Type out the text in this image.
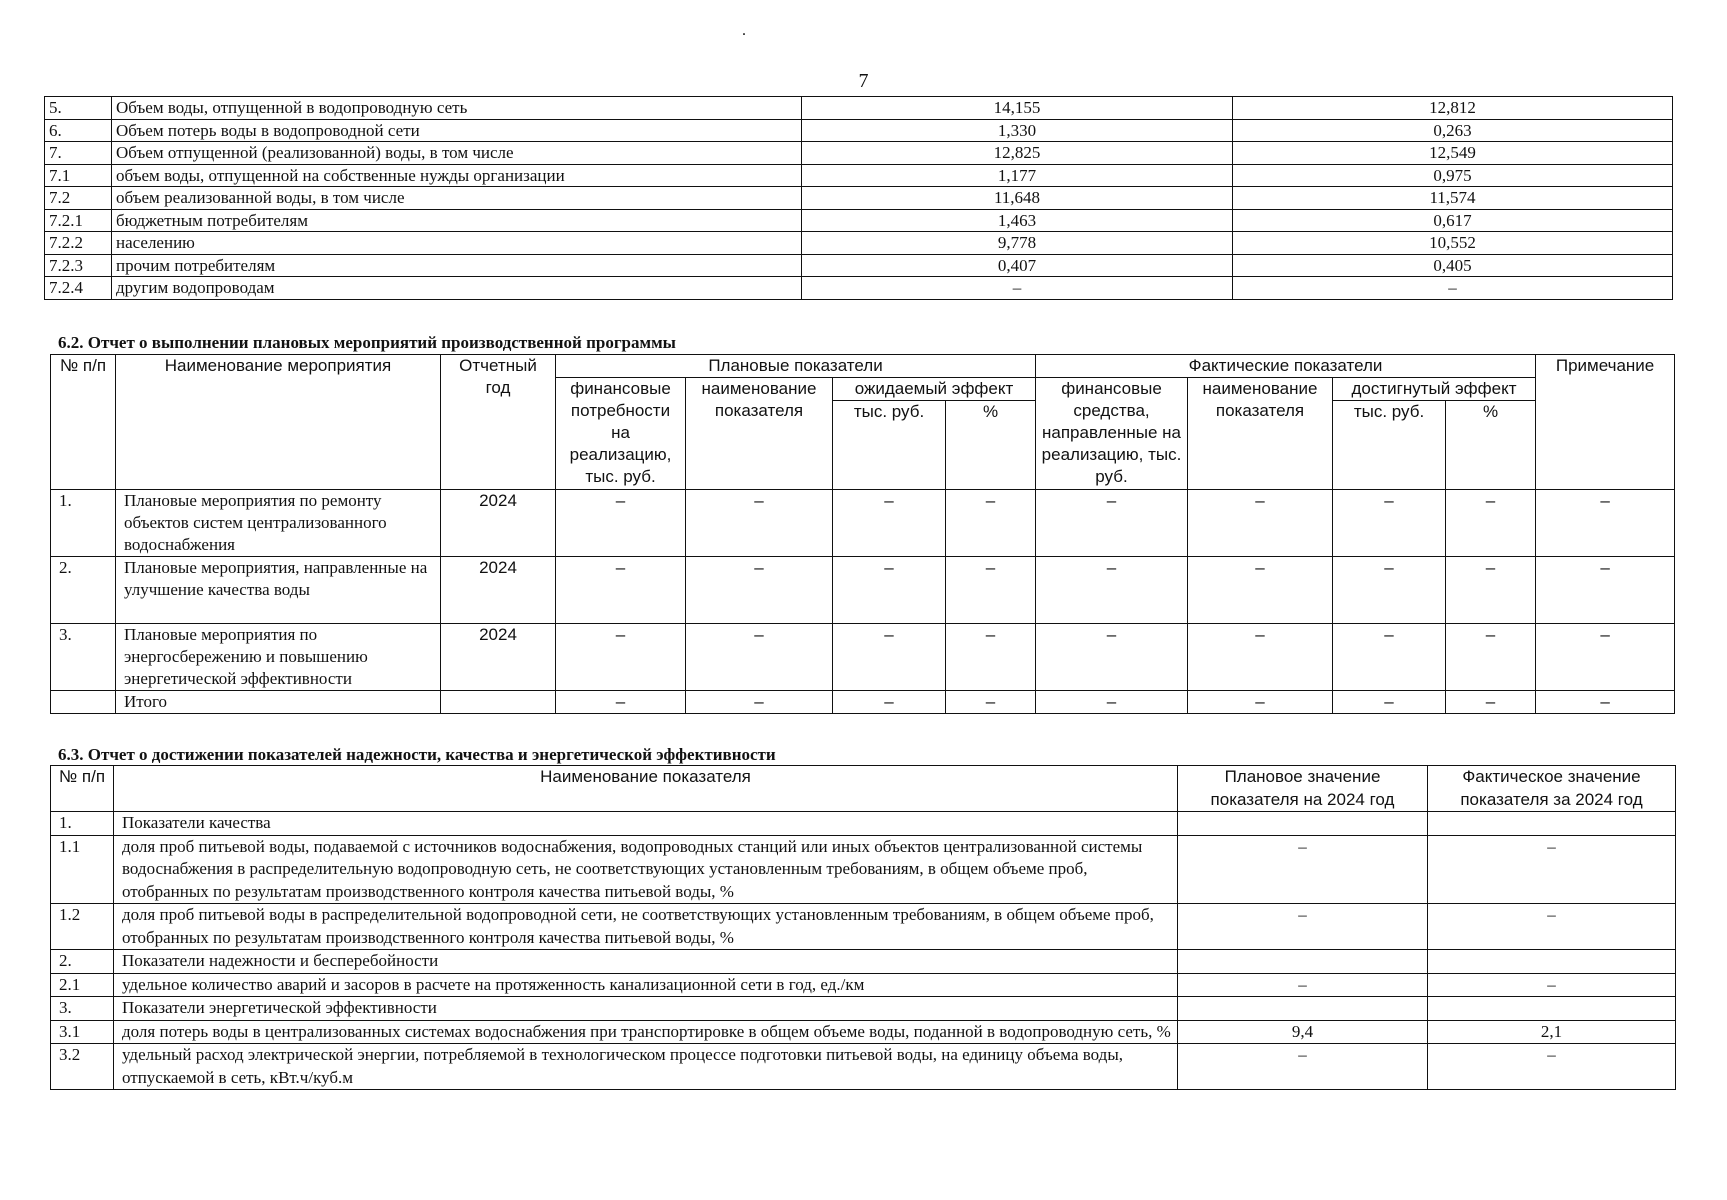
.
7
5.	Объем воды, отпущенной в водопроводную сеть	14,155	12,812
6.	Объем потерь воды в водопроводной сети	1,330	0,263
7.	Объем отпущенной (реализованной) воды, в том числе	12,825	12,549
7.1	объем воды, отпущенной на собственные нужды организации	1,177	0,975
7.2	объем реализованной воды, в том числе	11,648	11,574
7.2.1	бюджетным потребителям	1,463	0,617
7.2.2	населению	9,778	10,552
7.2.3	прочим потребителям	0,407	0,405
7.2.4	другим водопроводам	–	–
6.2. Отчет о выполнении плановых мероприятий производственной программы
№ п/п	Наименование мероприятия	Отчетный год	Плановые показатели				Фактические показатели				Примечание
			финансовые потребности на реализацию, тыс. руб.	наименование показателя	ожидаемый эффект		финансовые средства, направленные на реализацию, тыс. руб.	наименование показателя	достигнутый эффект		
					тыс. руб.	%			тыс. руб.	%	
1.	Плановые мероприятия по ремонту объектов систем централизованного водоснабжения	2024	–	–	–	–	–	–	–	–	–
2.	Плановые мероприятия, направленные на улучшение качества воды	2024	–	–	–	–	–	–	–	–	–
3.	Плановые мероприятия по энергосбережению и повышению энергетической эффективности	2024	–	–	–	–	–	–	–	–	–
	Итого		–	–	–	–	–	–	–	–	–
6.3. Отчет о достижении показателей надежности, качества и энергетической эффективности
№ п/п	Наименование показателя	Плановое значение показателя на 2024 год	Фактическое значение показателя за 2024 год
1.	Показатели качества		
1.1	доля проб питьевой воды, подаваемой с источников водоснабжения, водопроводных станций или иных объектов централизованной системы водоснабжения в распределительную водопроводную сеть, не соответствующих установленным требованиям, в общем объеме проб, отобранных по результатам производственного контроля качества питьевой воды, %	–	–
1.2	доля проб питьевой воды в распределительной водопроводной сети, не соответствующих установленным требованиям, в общем объеме проб, отобранных по результатам производственного контроля качества питьевой воды, %	–	–
2.	Показатели надежности и бесперебойности		
2.1	удельное количество аварий и засоров в расчете на протяженность канализационной сети в год, ед./км	–	–
3.	Показатели энергетической эффективности		
3.1	доля потерь воды в централизованных системах водоснабжения при транспортировке в общем объеме воды, поданной в водопроводную сеть, %	9,4	2,1
3.2	удельный расход электрической энергии, потребляемой в технологическом процессе подготовки питьевой воды, на единицу объема воды, отпускаемой в сеть, кВт.ч/куб.м	–	–
